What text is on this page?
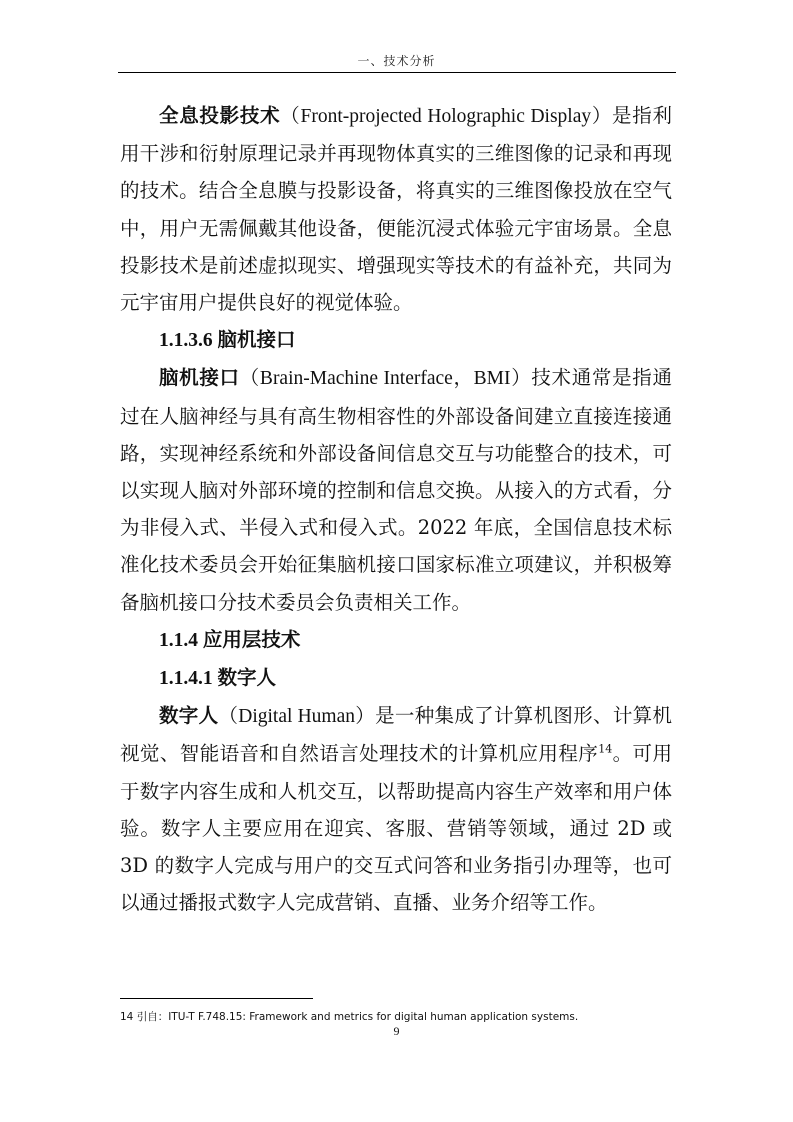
一、技术分析

全息投影技术（Front-projected Holographic Display）是指利用干涉和衍射原理记录并再现物体真实的三维图像的记录和再现的技术。结合全息膜与投影设备，将真实的三维图像投放在空气中，用户无需佩戴其他设备，便能沉浸式体验元宇宙场景。全息投影技术是前述虚拟现实、增强现实等技术的有益补充，共同为元宇宙用户提供良好的视觉体验。

1.1.3.6 脑机接口

脑机接口（Brain-Machine Interface，BMI）技术通常是指通过在人脑神经与具有高生物相容性的外部设备间建立直接连接通路，实现神经系统和外部设备间信息交互与功能整合的技术，可以实现人脑对外部环境的控制和信息交换。从接入的方式看，分为非侵入式、半侵入式和侵入式。2022 年底，全国信息技术标准化技术委员会开始征集脑机接口国家标准立项建议，并积极筹备脑机接口分技术委员会负责相关工作。

1.1.4 应用层技术

1.1.4.1 数字人

数字人（Digital Human）是一种集成了计算机图形、计算机视觉、智能语音和自然语言处理技术的计算机应用程序$^{14}$。可用于数字内容生成和人机交互，以帮助提高内容生产效率和用户体验。数字人主要应用在迎宾、客服、营销等领域，通过 2D 或 3D 的数字人完成与用户的交互式问答和业务指引办理等，也可以通过播报式数字人完成营销、直播、业务介绍等工作。

14 引自：ITU-T F.748.15: Framework and metrics for digital human application systems.
9
